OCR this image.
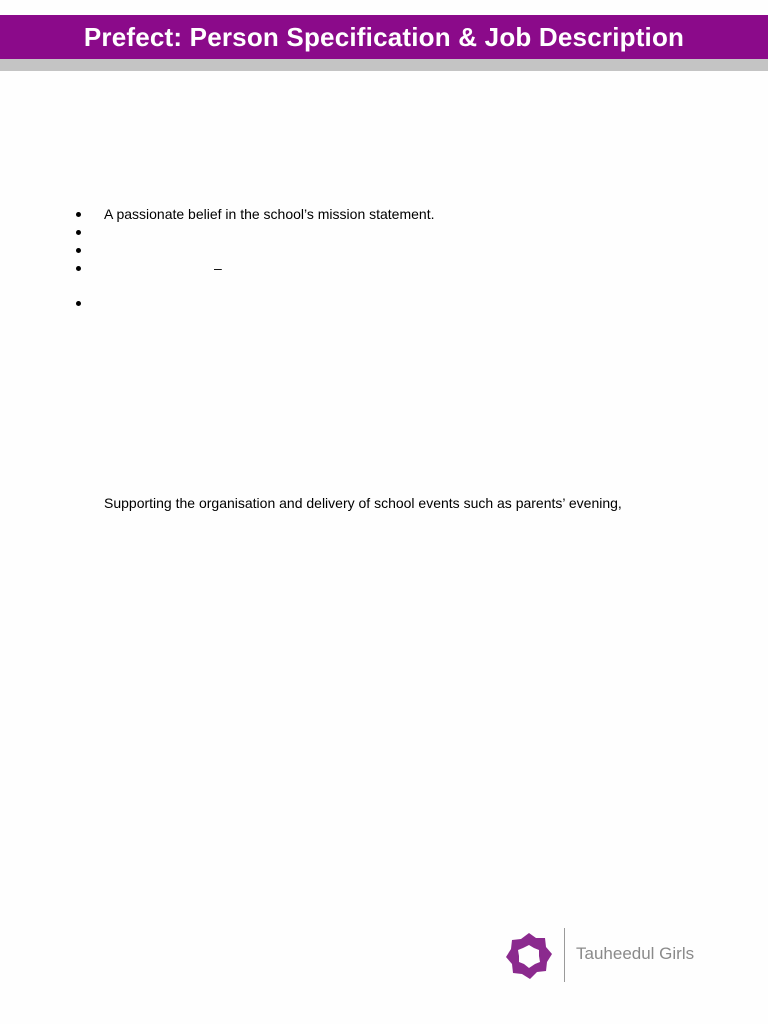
Prefect: Person Specification & Job Description
A passionate belief in the school’s mission statement.
–
Supporting the organisation and delivery of school events such as parents’ evening,
Tauheedul Girls
